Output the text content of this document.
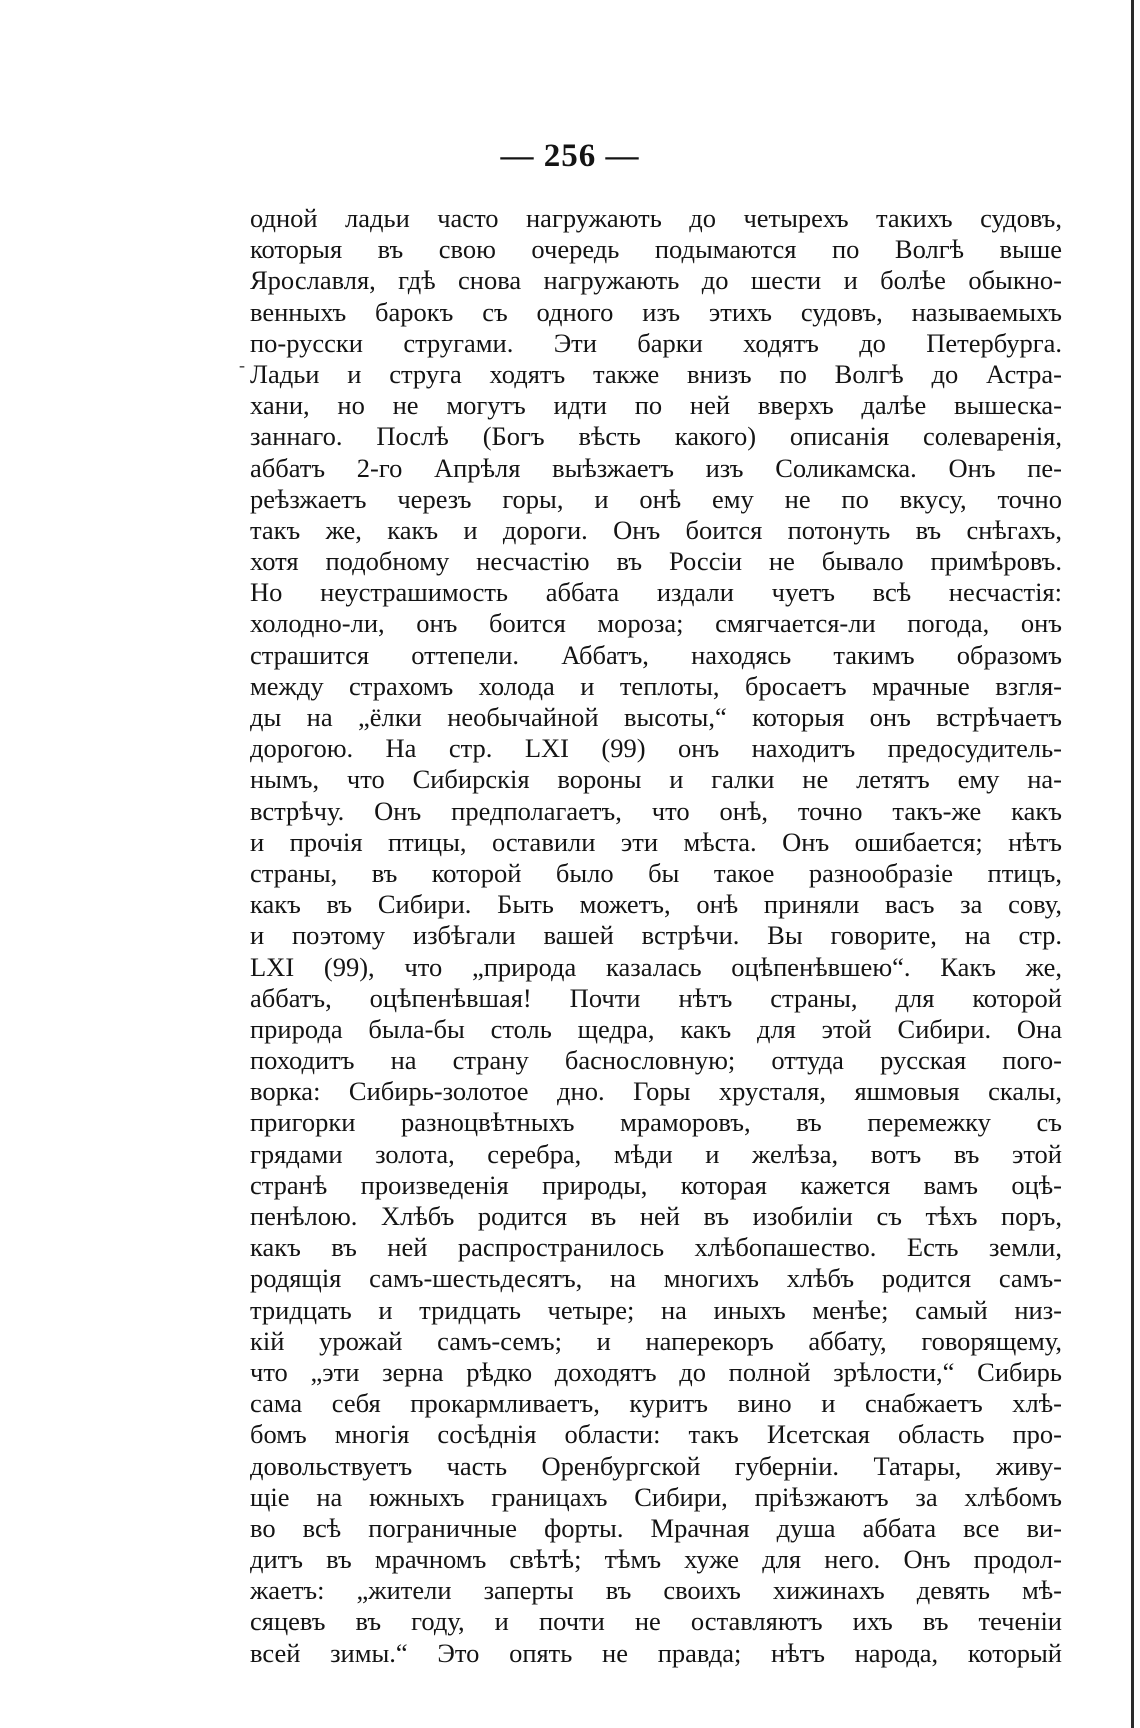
— 256 —
-
одной ладьи часто нагружають до четырехъ такихъ судовъ,
которыя въ свою очередь подымаются по Волгѣ выше
Ярославля, гдѣ снова нагружають до шести и болѣе обыкно-
венныхъ барокъ съ одного изъ этихъ судовъ, называемыхъ
по-русски стругами. Эти барки ходятъ до Петербурга.
Ладьи и струга ходятъ также внизъ по Волгѣ до Астра-
хани, но не могутъ идти по ней вверхъ далѣе вышеска-
заннаго. Послѣ (Богъ вѣсть какого) описанія солеваренія,
аббатъ 2-го Апрѣля выѣзжаетъ изъ Соликамска. Онъ пе-
реѣзжаетъ черезъ горы, и онѣ ему не по вкусу, точно
такъ же, какъ и дороги. Онъ боится потонуть въ снѣгахъ,
хотя подобному несчастію въ Россіи не бывало примѣровъ.
Но неустрашимость аббата издали чуетъ всѣ несчастія:
холодно-ли, онъ боится мороза; смягчается-ли погода, онъ
страшится оттепели. Аббатъ, находясь такимъ образомъ
между страхомъ холода и теплоты, бросаетъ мрачные взгля-
ды на „ёлки необычайной высоты,“ которыя онъ встрѣчаетъ
дорогою. На стр. LXI (99) онъ находитъ предосудитель-
нымъ, что Сибирскія вороны и галки не летятъ ему на-
встрѣчу. Онъ предполагаетъ, что онѣ, точно такъ-же какъ
и прочія птицы, оставили эти мѣста. Онъ ошибается; нѣтъ
страны, въ которой было бы такое разнообразіе птицъ,
какъ въ Сибири. Быть можетъ, онѣ приняли васъ за сову,
и поэтому избѣгали вашей встрѣчи. Вы говорите, на стр.
LXI (99), что „природа казалась оцѣпенѣвшею“. Какъ же,
аббатъ, оцѣпенѣвшая! Почти нѣтъ страны, для которой
природа была-бы столь щедра, какъ для этой Сибири. Она
походитъ на страну баснословную; оттуда русская пого-
ворка: Сибирь-золотое дно. Горы хрусталя, яшмовыя скалы,
пригорки разноцвѣтныхъ мраморовъ, въ перемежку съ
грядами золота, серебра, мѣди и желѣза, вотъ въ этой
странѣ произведенія природы, которая кажется вамъ оцѣ-
пенѣлою. Хлѣбъ родится въ ней въ изобиліи съ тѣхъ поръ,
какъ въ ней распространилось хлѣбопашество. Есть земли,
родящія самъ-шестьдесятъ, на многихъ хлѣбъ родится самъ-
тридцать и тридцать четыре; на иныхъ менѣе; самый низ-
кій урожай самъ-семъ; и наперекоръ аббату, говорящему,
что „эти зерна рѣдко доходятъ до полной зрѣлости,“ Сибирь
сама себя прокармливаетъ, куритъ вино и снабжаетъ хлѣ-
бомъ многія сосѣднія области: такъ Исетская область про-
довольствуетъ часть Оренбургской губерніи. Татары, живу-
щіе на южныхъ границахъ Сибири, пріѣзжаютъ за хлѣбомъ
во всѣ пограничные форты. Мрачная душа аббата все ви-
дитъ въ мрачномъ свѣтѣ; тѣмъ хуже для него. Онъ продол-
жаетъ: „жители заперты въ своихъ хижинахъ девять мѣ-
сяцевъ въ году, и почти не оставляютъ ихъ въ теченіи
всей зимы.“ Это опять не правда; нѣтъ народа, который
